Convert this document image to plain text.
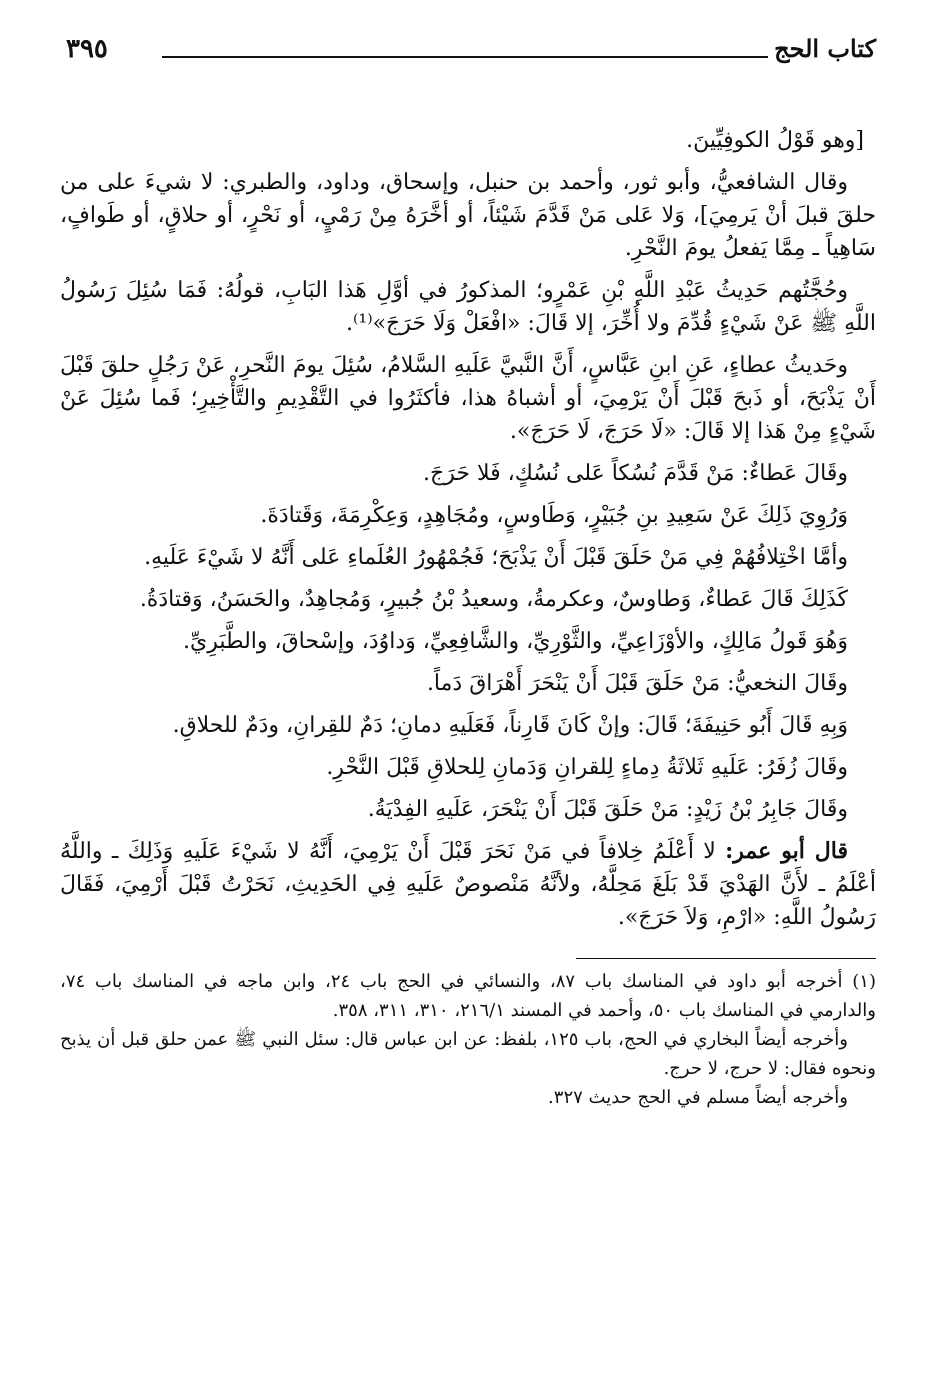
كتاب الحج
٣٩٥

[وهو قَوْلُ الكوفِيِّينَ.

وقال الشافعيُّ، وأبو ثور، وأحمد بن حنبل، وإسحاق، وداود، والطبري: لا شيءَ على من حلقَ قبلَ أنْ يَرمِيَ]، وَلا عَلى مَنْ قَدَّمَ شَيْئاً، أو أخَّرَهُ مِنْ رَمْيٍ، أو نَحْرٍ، أو حلاقٍ، أو طَوافٍ، سَاهِياً ـ مِمَّا يَفعلُ يومَ النَّحْرِ.

وحُجَّتُهم حَدِيثُ عَبْدِ اللَّهِ بْنِ عَمْرٍو؛ المذكورُ في أوَّلِ هَذا البَابِ، قولُهُ: فَمَا سُئِلَ رَسُولُ اللَّهِ ﷺ عَنْ شَيْءٍ قُدِّمَ ولا أُخِّرَ، إلا قَالَ: «افْعَلْ وَلَا حَرَجَ»⁽¹⁾.

وحَديثُ عطاءٍ، عَنِ ابنِ عَبَّاسٍ، أَنَّ النَّبيَّ عَلَيهِ السَّلامُ، سُئِلَ يومَ النَّحرِ، عَنْ رَجُلٍ حلقَ قَبْلَ أَنْ يَذْبَحَ، أو ذَبحَ قَبْلَ أَنْ يَرْمِيَ، أو أشباهُ هذا، فأكثَرُوا في التَّقْدِيمِ والتَّأْخِيرِ؛ فَما سُئِلَ عَنْ شَيْءٍ مِنْ هَذا إلا قَالَ: «لَا حَرَجَ، لَا حَرَجَ».

وقَالَ عَطاءٌ: مَنْ قَدَّمَ نُسُكاً عَلى نُسُكٍ، فَلا حَرَجَ.

وَرُوِيَ ذَلِكَ عَنْ سَعِيدِ بنِ جُبَيْرٍ، وَطَاوسٍ، ومُجَاهِدٍ، وَعِكْرِمَةَ، وَقَتادَةَ.

وأمَّا اخْتِلافُهُمْ فِي مَنْ حَلَقَ قَبْلَ أَنْ يَذْبَحَ؛ فَجُمْهُورُ العُلَماءِ عَلى أَنَّهُ لا شَيْءَ عَلَيهِ.

كَذَلِكَ قَالَ عَطاءٌ، وَطاوسٌ، وعكرمةُ، وسعيدُ بْنُ جُبيرٍ، وَمُجاهِدٌ، والحَسَنُ، وَقتادَةُ.

وَهُوَ قَولُ مَالِكٍ، والأوْزَاعِيِّ، والثَّوْرِيِّ، والشَّافِعِيِّ، وَداوُدَ، وإسْحاقَ، والطَّبَرِيِّ.

وقَالَ النخعيُّ: مَنْ حَلَقَ قَبْلَ أَنْ يَنْحَرَ أَهْرَاقَ دَماً.

وَبِهِ قَالَ أَبُو حَنِيفَةَ؛ قَالَ: وإنْ كَانَ قَارِناً، فَعَلَيهِ دمانِ؛ دَمٌ للقِرانِ، ودَمٌ للحلاقِ.

وقَالَ زُفَرُ: عَلَيهِ ثَلاثَةُ دِماءٍ لِلقرانِ وَدَمانِ لِلحلاقِ قَبْلَ النَّحْرِ.

وقَالَ جَابِرُ بْنُ زَيْدٍ: مَنْ حَلَقَ قَبْلَ أَنْ يَنْحَرَ، عَلَيهِ الفِدْيَةُ.

قال أبو عمر: لا أَعْلَمُ خِلافاً في مَنْ نَحَرَ قَبْلَ أَنْ يَرْمِيَ، أَنَّهُ لا شَيْءَ عَلَيهِ وَذَلِكَ ـ واللَّهُ أعْلَمُ ـ لأَنَّ الهَدْيَ قَدْ بَلَغَ مَحِلَّهُ، ولأنَّهُ مَنْصوصٌ عَلَيهِ فِي الحَدِيثِ، نَحَرْتُ قَبْلَ أَرْمِيَ، فَقَالَ رَسُولُ اللَّهِ: «ارْمِ، وَلاَ حَرَجَ».

(١) أخرجه أبو داود في المناسك باب ٨٧، والنسائي في الحج باب ٢٤، وابن ماجه في المناسك باب ٧٤، والدارمي في المناسك باب ٥٠، وأحمد في المسند ٢١٦/١، ٣١٠، ٣١١، ٣٥٨.

وأخرجه أيضاً البخاري في الحج، باب ١٢٥، بلفظ: عن ابن عباس قال: سئل النبي ﷺ عمن حلق قبل أن يذبح ونحوه فقال: لا حرج، لا حرج.

وأخرجه أيضاً مسلم في الحج حديث ٣٢٧.
